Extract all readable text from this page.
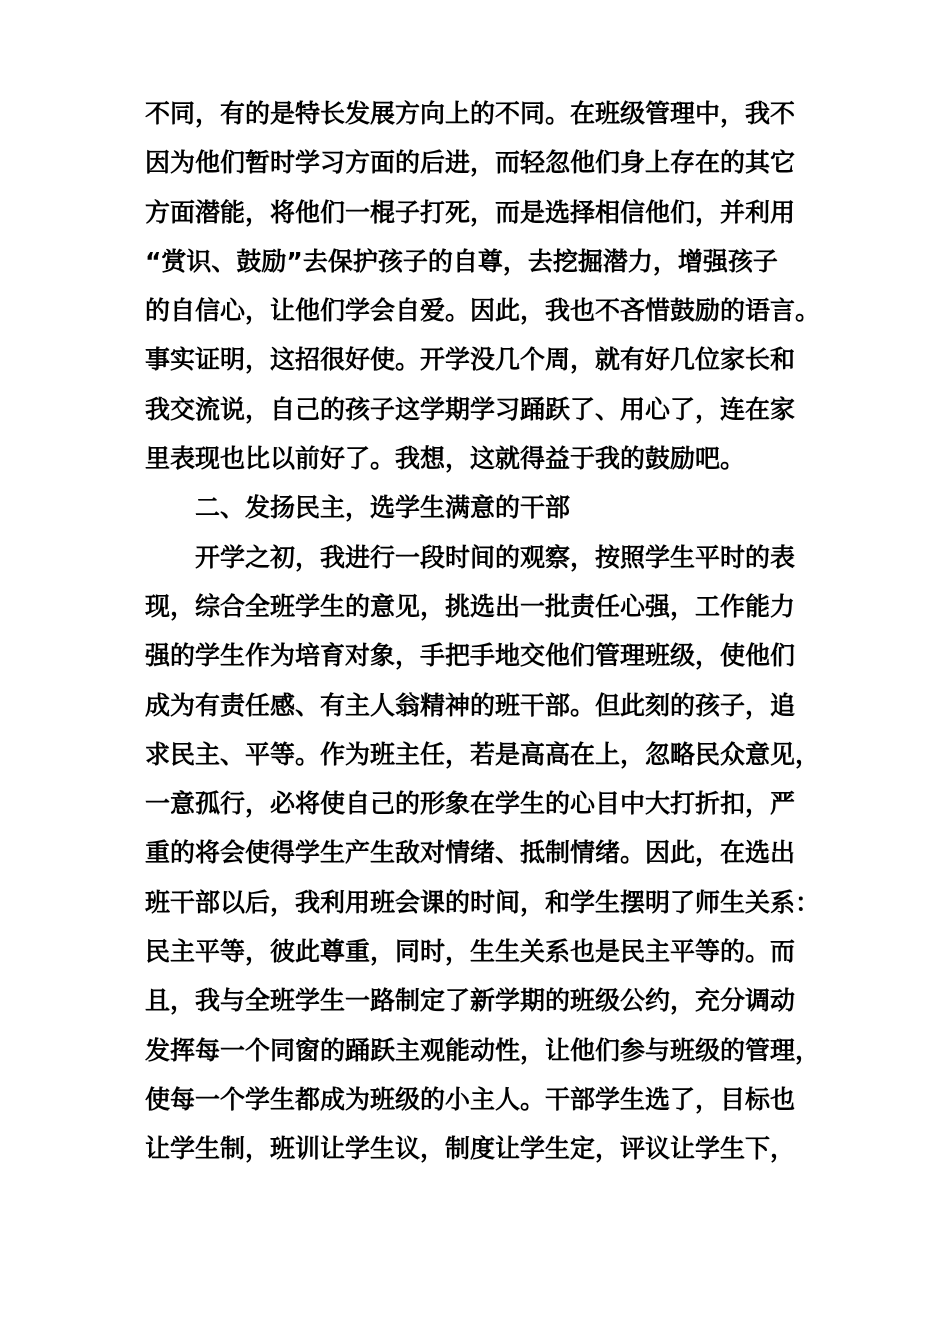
不同，有的是特长发展方向上的不同。在班级管理中，我不
因为他们暂时学习方面的后进，而轻忽他们身上存在的其它
方面潜能，将他们一棍子打死，而是选择相信他们，并利用
“赏识、鼓励”去保护孩子的自尊，去挖掘潜力，增强孩子
的自信心，让他们学会自爱。因此，我也不吝惜鼓励的语言。
事实证明，这招很好使。开学没几个周，就有好几位家长和
我交流说，自己的孩子这学期学习踊跃了、用心了，连在家
里表现也比以前好了。我想，这就得益于我的鼓励吧。
二、发扬民主，选学生满意的干部
开学之初，我进行一段时间的观察，按照学生平时的表
现，综合全班学生的意见，挑选出一批责任心强，工作能力
强的学生作为培育对象，手把手地交他们管理班级，使他们
成为有责任感、有主人翁精神的班干部。但此刻的孩子，追
求民主、平等。作为班主任，若是高高在上，忽略民众意见，
一意孤行，必将使自己的形象在学生的心目中大打折扣，严
重的将会使得学生产生敌对情绪、抵制情绪。因此，在选出
班干部以后，我利用班会课的时间，和学生摆明了师生关系：
民主平等，彼此尊重，同时，生生关系也是民主平等的。而
且，我与全班学生一路制定了新学期的班级公约，充分调动
发挥每一个同窗的踊跃主观能动性，让他们参与班级的管理，
使每一个学生都成为班级的小主人。干部学生选了，目标也
让学生制，班训让学生议，制度让学生定，评议让学生下，
